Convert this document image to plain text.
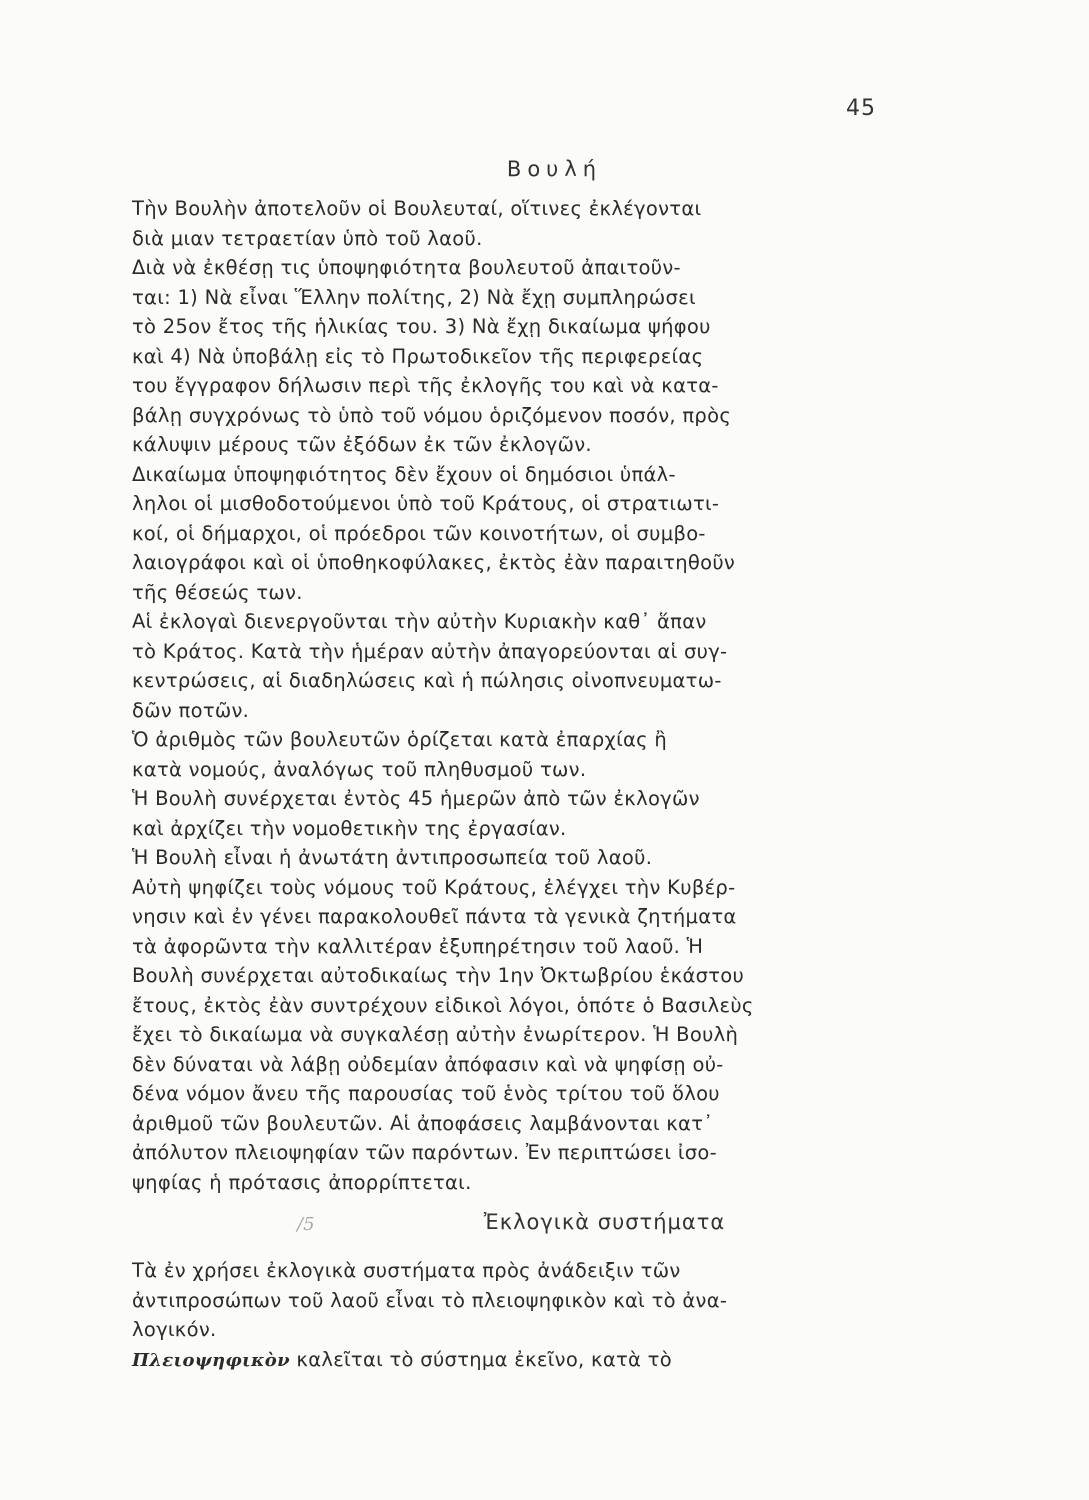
45
Βουλή
Τὴν Βουλὴν ἀποτελοῦν οἱ Βουλευταί, οἵτινες ἐκλέγονται
διὰ μιαν τετραετίαν ὑπὸ τοῦ λαοῦ.
Διὰ νὰ ἐκθέσῃ τις ὑποψηφιότητα βουλευτοῦ ἀπαιτοῦν-
ται: 1) Νὰ εἶναι Ἕλλην πολίτης, 2) Νὰ ἔχῃ συμπληρώσει
τὸ 25ον ἔτος τῆς ἡλικίας του. 3) Νὰ ἔχῃ δικαίωμα ψήφου
καὶ 4) Νὰ ὑποβάλῃ εἰς τὸ Πρωτοδικεῖον τῆς περιφερείας
του ἔγγραφον δήλωσιν περὶ τῆς ἐκλογῆς του καὶ νὰ κατα-
βάλῃ συγχρόνως τὸ ὑπὸ τοῦ νόμου ὁριζόμενον ποσόν, πρὸς
κάλυψιν μέρους τῶν ἐξόδων ἐκ τῶν ἐκλογῶν.
Δικαίωμα ὑποψηφιότητος δὲν ἔχουν οἱ δημόσιοι ὑπάλ-
ληλοι οἱ μισθοδοτούμενοι ὑπὸ τοῦ Κράτους, οἱ στρατιωτι-
κοί, οἱ δήμαρχοι, οἱ πρόεδροι τῶν κοινοτήτων, οἱ συμβο-
λαιογράφοι καὶ οἱ ὑποθηκοφύλακες, ἐκτὸς ἐὰν παραιτηθοῦν
τῆς θέσεώς των.
Αἱ ἐκλογαὶ διενεργοῦνται τὴν αὐτὴν Κυριακὴν καθ᾿ ἅπαν
τὸ Κράτος. Κατὰ τὴν ἡμέραν αὐτὴν ἀπαγορεύονται αἱ συγ-
κεντρώσεις, αἱ διαδηλώσεις καὶ ἡ πώλησις οἰνοπνευματω-
δῶν ποτῶν.
Ὁ ἀριθμὸς τῶν βουλευτῶν ὁρίζεται κατὰ ἐπαρχίας ἢ
κατὰ νομούς, ἀναλόγως τοῦ πληθυσμοῦ των.
Ἡ Βουλὴ συνέρχεται ἐντὸς 45 ἡμερῶν ἀπὸ τῶν ἐκλογῶν
καὶ ἀρχίζει τὴν νομοθετικὴν της ἐργασίαν.
Ἡ Βουλὴ εἶναι ἡ ἀνωτάτη ἀντιπροσωπεία τοῦ λαοῦ.
Αὐτὴ ψηφίζει τοὺς νόμους τοῦ Κράτους, ἐλέγχει τὴν Κυβέρ-
νησιν καὶ ἐν γένει παρακολουθεῖ πάντα τὰ γενικὰ ζητήματα
τὰ ἀφορῶντα τὴν καλλιτέραν ἐξυπηρέτησιν τοῦ λαοῦ. Ἡ
Βουλὴ συνέρχεται αὐτοδικαίως τὴν 1ην Ὀκτωβρίου ἑκάστου
ἔτους, ἐκτὸς ἐὰν συντρέχουν εἰδικοὶ λόγοι, ὁπότε ὁ Βασιλεὺς
ἔχει τὸ δικαίωμα νὰ συγκαλέσῃ αὐτὴν ἐνωρίτερον. Ἡ Βουλὴ
δὲν δύναται νὰ λάβῃ οὐδεμίαν ἀπόφασιν καὶ νὰ ψηφίσῃ οὐ-
δένα νόμον ἄνευ τῆς παρουσίας τοῦ ἑνὸς τρίτου τοῦ ὅλου
ἀριθμοῦ τῶν βουλευτῶν. Αἱ ἀποφάσεις λαμβάνονται κατ᾿
ἀπόλυτον πλειοψηφίαν τῶν παρόντων. Ἐν περιπτώσει ἰσο-
ψηφίας ἡ πρότασις ἀπορρίπτεται.
/5	Ἐκλογικὰ συστήματα
Τὰ ἐν χρήσει ἐκλογικὰ συστήματα πρὸς ἀνάδειξιν τῶν
ἀντιπροσώπων τοῦ λαοῦ εἶναι τὸ πλειοψηφικὸν καὶ τὸ ἀνα-
λογικόν.
Πλειοψηφικὸν καλεῖται τὸ σύστημα ἐκεῖνο, κατὰ τὸ
